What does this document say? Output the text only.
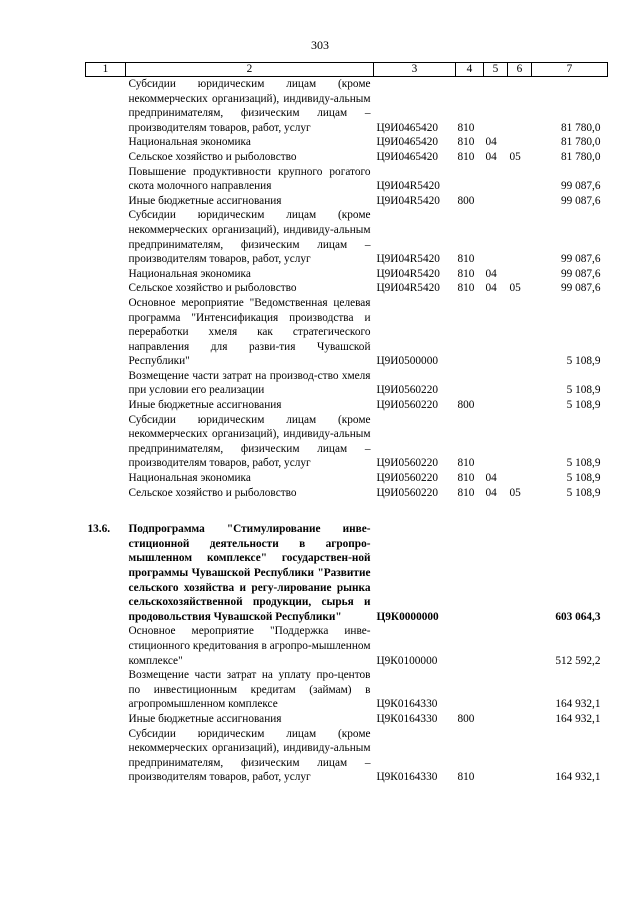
303
1	2	3	4	5	6	7
	Субсидии юридическим лицам (кроме некоммерческих организаций), индивиду-альным предпринимателям, физическим лицам – производителям товаров, работ, услуг	Ц9И0465420	810			81 780,0
	Национальная экономика	Ц9И0465420	810	04		81 780,0
	Сельское хозяйство и рыболовство	Ц9И0465420	810	04	05	81 780,0
	Повышение продуктивности крупного рогатого скота молочного направления	Ц9И04R5420				99 087,6
	Иные бюджетные ассигнования	Ц9И04R5420	800			99 087,6
	Субсидии юридическим лицам (кроме некоммерческих организаций), индивиду-альным предпринимателям, физическим лицам – производителям товаров, работ, услуг	Ц9И04R5420	810			99 087,6
	Национальная экономика	Ц9И04R5420	810	04		99 087,6
	Сельское хозяйство и рыболовство	Ц9И04R5420	810	04	05	99 087,6
	Основное мероприятие "Ведомственная целевая программа "Интенсификация производства и переработки хмеля как стратегического направления для разви-тия Чувашской Республики"	Ц9И0500000				5 108,9
	Возмещение части затрат на производ-ство хмеля при условии его реализации	Ц9И0560220				5 108,9
	Иные бюджетные ассигнования	Ц9И0560220	800			5 108,9
	Субсидии юридическим лицам (кроме некоммерческих организаций), индивиду-альным предпринимателям, физическим лицам – производителям товаров, работ, услуг	Ц9И0560220	810			5 108,9
	Национальная экономика	Ц9И0560220	810	04		5 108,9
	Сельское хозяйство и рыболовство	Ц9И0560220	810	04	05	5 108,9

13.6.	Подпрограмма "Стимулирование инве-стиционной деятельности в агропро-мышленном комплексе" государствен-ной программы Чувашской Республики "Развитие сельского хозяйства и регу-лирование рынка сельскохозяйственной продукции, сырья и продовольствия Чувашской Республики"	Ц9К0000000				603 064,3
	Основное мероприятие "Поддержка инве-стиционного кредитования в агропро-мышленном комплексе"	Ц9К0100000				512 592,2
	Возмещение части затрат на уплату про-центов по инвестиционным кредитам (займам) в агропромышленном комплексе	Ц9К0164330				164 932,1
	Иные бюджетные ассигнования	Ц9К0164330	800			164 932,1
	Субсидии юридическим лицам (кроме некоммерческих организаций), индивиду-альным предпринимателям, физическим лицам – производителям товаров, работ, услуг	Ц9К0164330	810			164 932,1
